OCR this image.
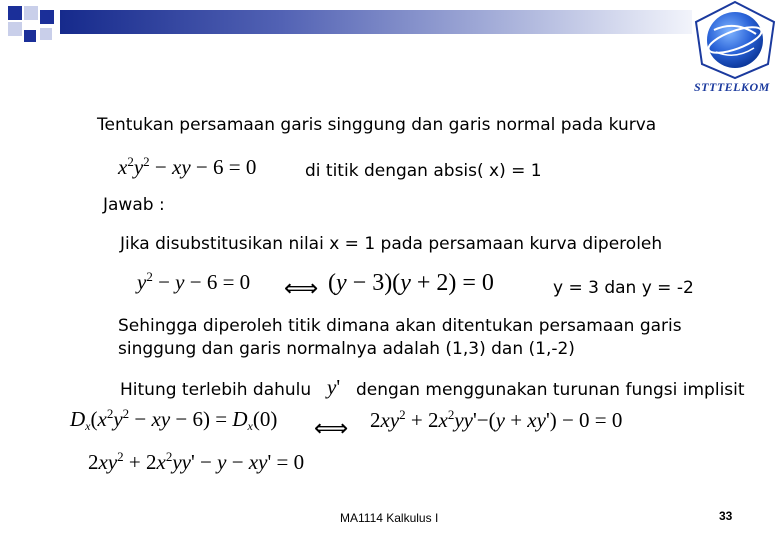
STTTELKOM
Tentukan persamaan garis singgung dan garis normal pada kurva
$x^2y^2$ − xy − 6 = 0	di titik dengan absis( x) = 1
Jawab :
Jika disubstitusikan nilai x = 1 pada persamaan kurva diperoleh
$y^2 - y - 6 = 0$ ⟺ (y − 3)(y + 2) = 0	y = 3 dan y = -2
Sehingga diperoleh titik dimana akan ditentukan persamaan garis
singgung dan garis normalnya adalah (1,3) dan (1,-2)
Hitung terlebih dahulu y' dengan menggunakan turunan fungsi implisit
$D_x(x^2y^2$ − xy − $6) = D_x(0)$ ⟺ $2xy^2 + 2x^2yy'-(y + xy') - 0 = 0$
$2xy^2 + 2x^2yy' - y - xy' = 0$
MA1114 Kalkulus I	33
